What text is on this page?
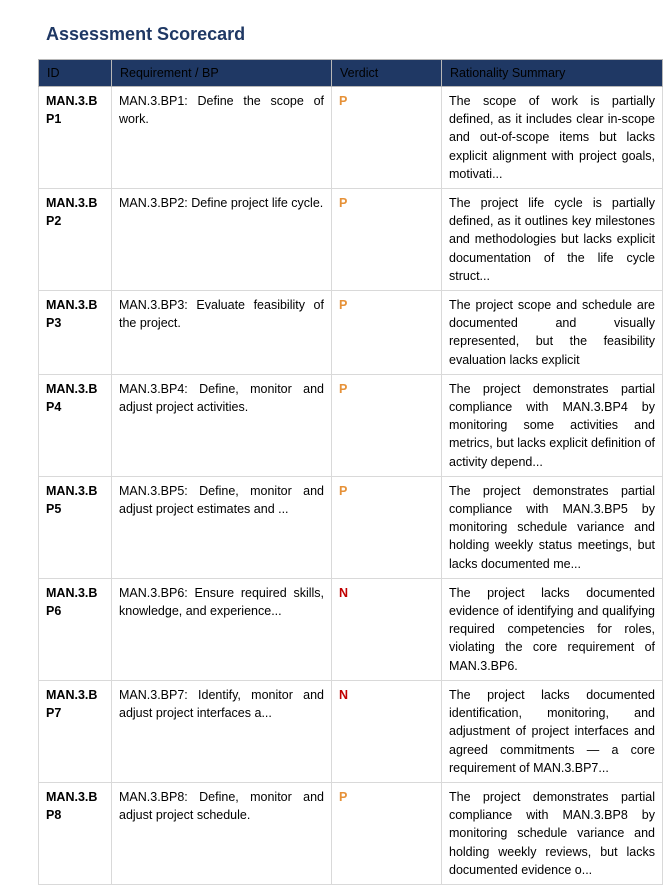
Assessment Scorecard
ID	Requirement / BP	Verdict	Rationality Summary
MAN.3.BP1	MAN.3.BP1: Define the scope of work.	P	The scope of work is partially defined, as it includes clear in-scope and out-of-scope items but lacks explicit alignment with project goals, motivati...
MAN.3.BP2	MAN.3.BP2: Define project life cycle.	P	The project life cycle is partially defined, as it outlines key milestones and methodologies but lacks explicit documentation of the life cycle struct...
MAN.3.BP3	MAN.3.BP3: Evaluate feasibility of the project.	P	The project scope and schedule are documented and visually represented, but the feasibility evaluation lacks explicit
MAN.3.BP4	MAN.3.BP4: Define, monitor and adjust project activities.	P	The project demonstrates partial compliance with MAN.3.BP4 by monitoring some activities and metrics, but lacks explicit definition of activity depend...
MAN.3.BP5	MAN.3.BP5: Define, monitor and adjust project estimates and ...	P	The project demonstrates partial compliance with MAN.3.BP5 by monitoring schedule variance and holding weekly status meetings, but lacks documented me...
MAN.3.BP6	MAN.3.BP6: Ensure required skills, knowledge, and experience...	N	The project lacks documented evidence of identifying and qualifying required competencies for roles, violating the core requirement of MAN.3.BP6.
MAN.3.BP7	MAN.3.BP7: Identify, monitor and adjust project interfaces a...	N	The project lacks documented identification, monitoring, and adjustment of project interfaces and agreed commitments — a core requirement of MAN.3.BP7...
MAN.3.BP8	MAN.3.BP8: Define, monitor and adjust project schedule.	P	The project demonstrates partial compliance with MAN.3.BP8 by monitoring schedule variance and holding weekly reviews, but lacks documented evidence o...
